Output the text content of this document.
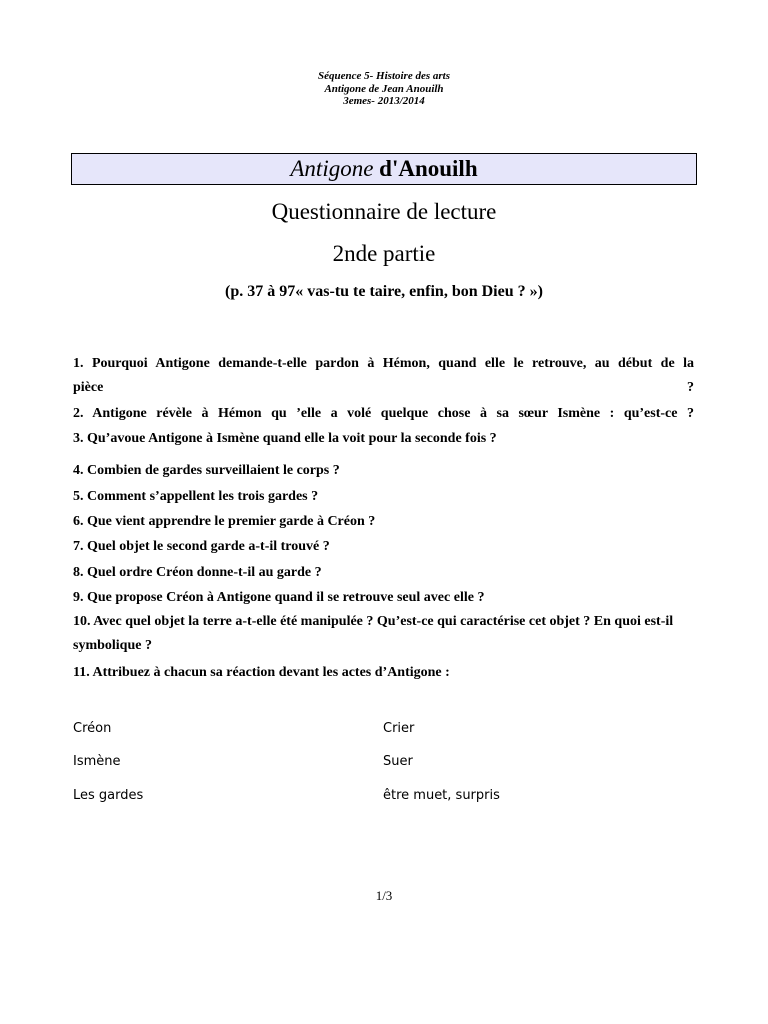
Séquence 5- Histoire des arts
Antigone de Jean Anouilh
3emes- 2013/2014
Antigone d'Anouilh
Questionnaire de lecture
2nde partie
(p. 37 à 97« vas-tu te taire, enfin, bon Dieu ? »)
1. Pourquoi Antigone demande-t-elle pardon à Hémon, quand elle le retrouve, au début de la
pièce ?
2. Antigone révèle à Hémon qu ’elle a volé quelque chose à sa sœur Ismène : qu’est-ce ?
3. Qu’avoue Antigone à Ismène quand elle la voit pour la seconde fois ?
4. Combien de gardes surveillaient le corps ?
5. Comment s’appellent les trois gardes ?
6. Que vient apprendre le premier garde à Créon ?
7. Quel objet le second garde a-t-il trouvé ?
8. Quel ordre Créon donne-t-il au garde ?
9. Que propose Créon à Antigone quand il se retrouve seul avec elle ?
10. Avec quel objet la terre a-t-elle été manipulée ? Qu’est-ce qui caractérise cet objet ? En quoi est-il symbolique ?
11. Attribuez à chacun sa réaction devant les actes d’Antigone :
Créon
Ismène
Les gardes
Crier
Suer
être muet, surpris
1/3
